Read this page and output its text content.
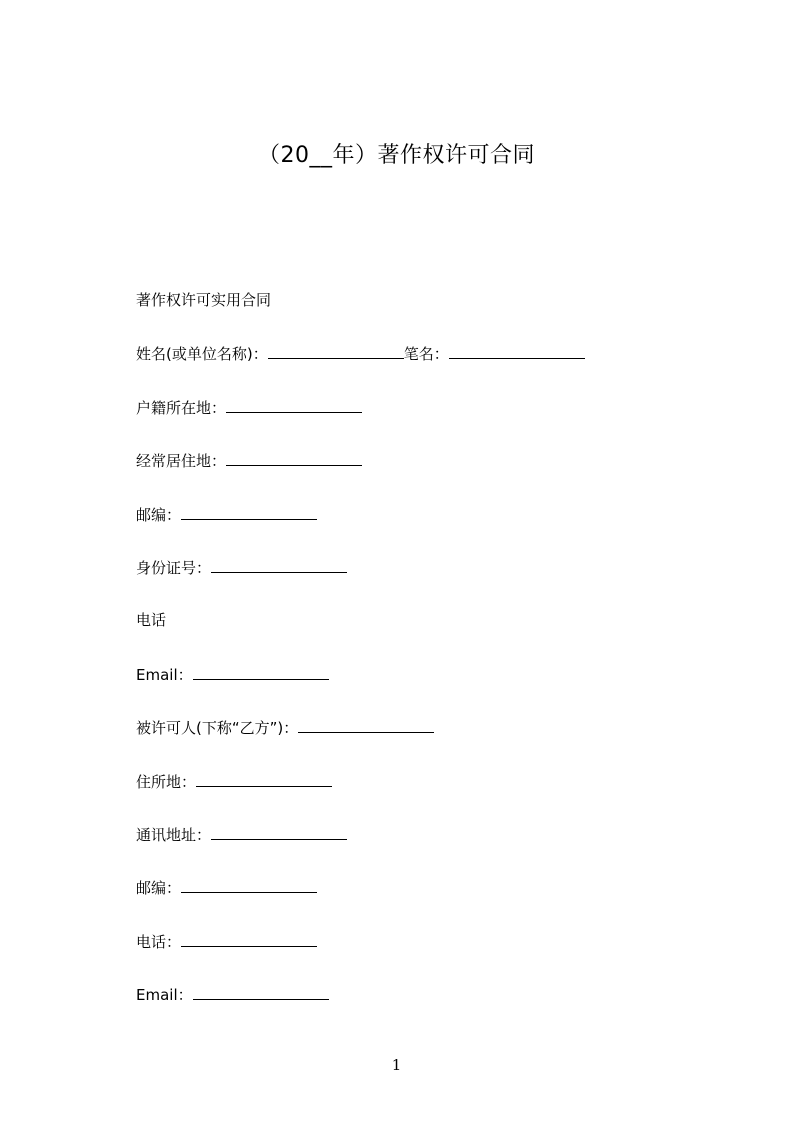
（20__年）著作权许可合同
著作权许可实用合同
姓名(或单位名称)：	笔名：
户籍所在地：
经常居住地：
邮编：
身份证号：
电话
Email：
被许可人(下称“乙方”)：
住所地：
通讯地址：
邮编：
电话：
Email：
1
